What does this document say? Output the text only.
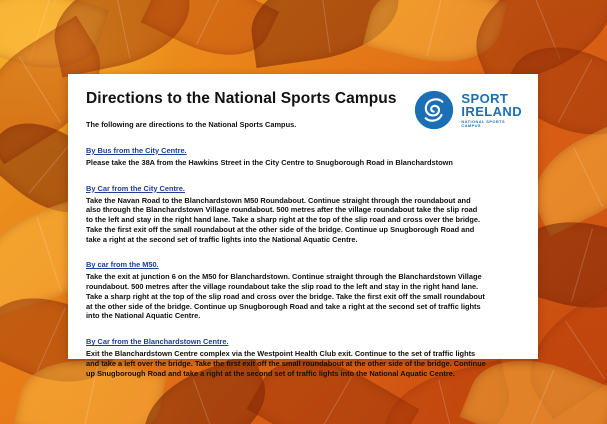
SPORT
IRELAND
NATIONAL SPORTS
CAMPUS
Directions to the National Sports Campus

The following are directions to the National Sports Campus.

By Bus from the City Centre.

Please take the 38A from the Hawkins Street in the City Centre to Snugborough Road in Blanchardstown

By Car from the City Centre.

Take the Navan Road to the Blanchardstown M50 Roundabout. Continue straight through the roundabout and also through the Blanchardstown Village roundabout. 500 metres after the village roundabout take the slip road to the left and stay in the right hand lane. Take a sharp right at the top of the slip road and cross over the bridge. Take the first exit off the small roundabout at the other side of the bridge. Continue up Snugborough Road and take a right at the second set of traffic lights into the National Aquatic Centre.

By car from the M50.

Take the exit at junction 6 on the M50 for Blanchardstown. Continue straight through the Blanchardstown Village roundabout. 500 metres after the village roundabout take the slip road to the left and stay in the right hand lane. Take a sharp right at the top of the slip road and cross over the bridge. Take the first exit off the small roundabout at the other side of the bridge. Continue up Snugborough Road and take a right at the second set of traffic lights into the National Aquatic Centre.

By Car from the Blanchardstown Centre.

Exit the Blanchardstown Centre complex via the Westpoint Health Club exit. Continue to the set of traffic lights and take a left over the bridge. Take the first exit off the small roundabout at the other side of the bridge. Continue up Snugborough Road and take a right at the second set of traffic lights into the National Aquatic Centre.
